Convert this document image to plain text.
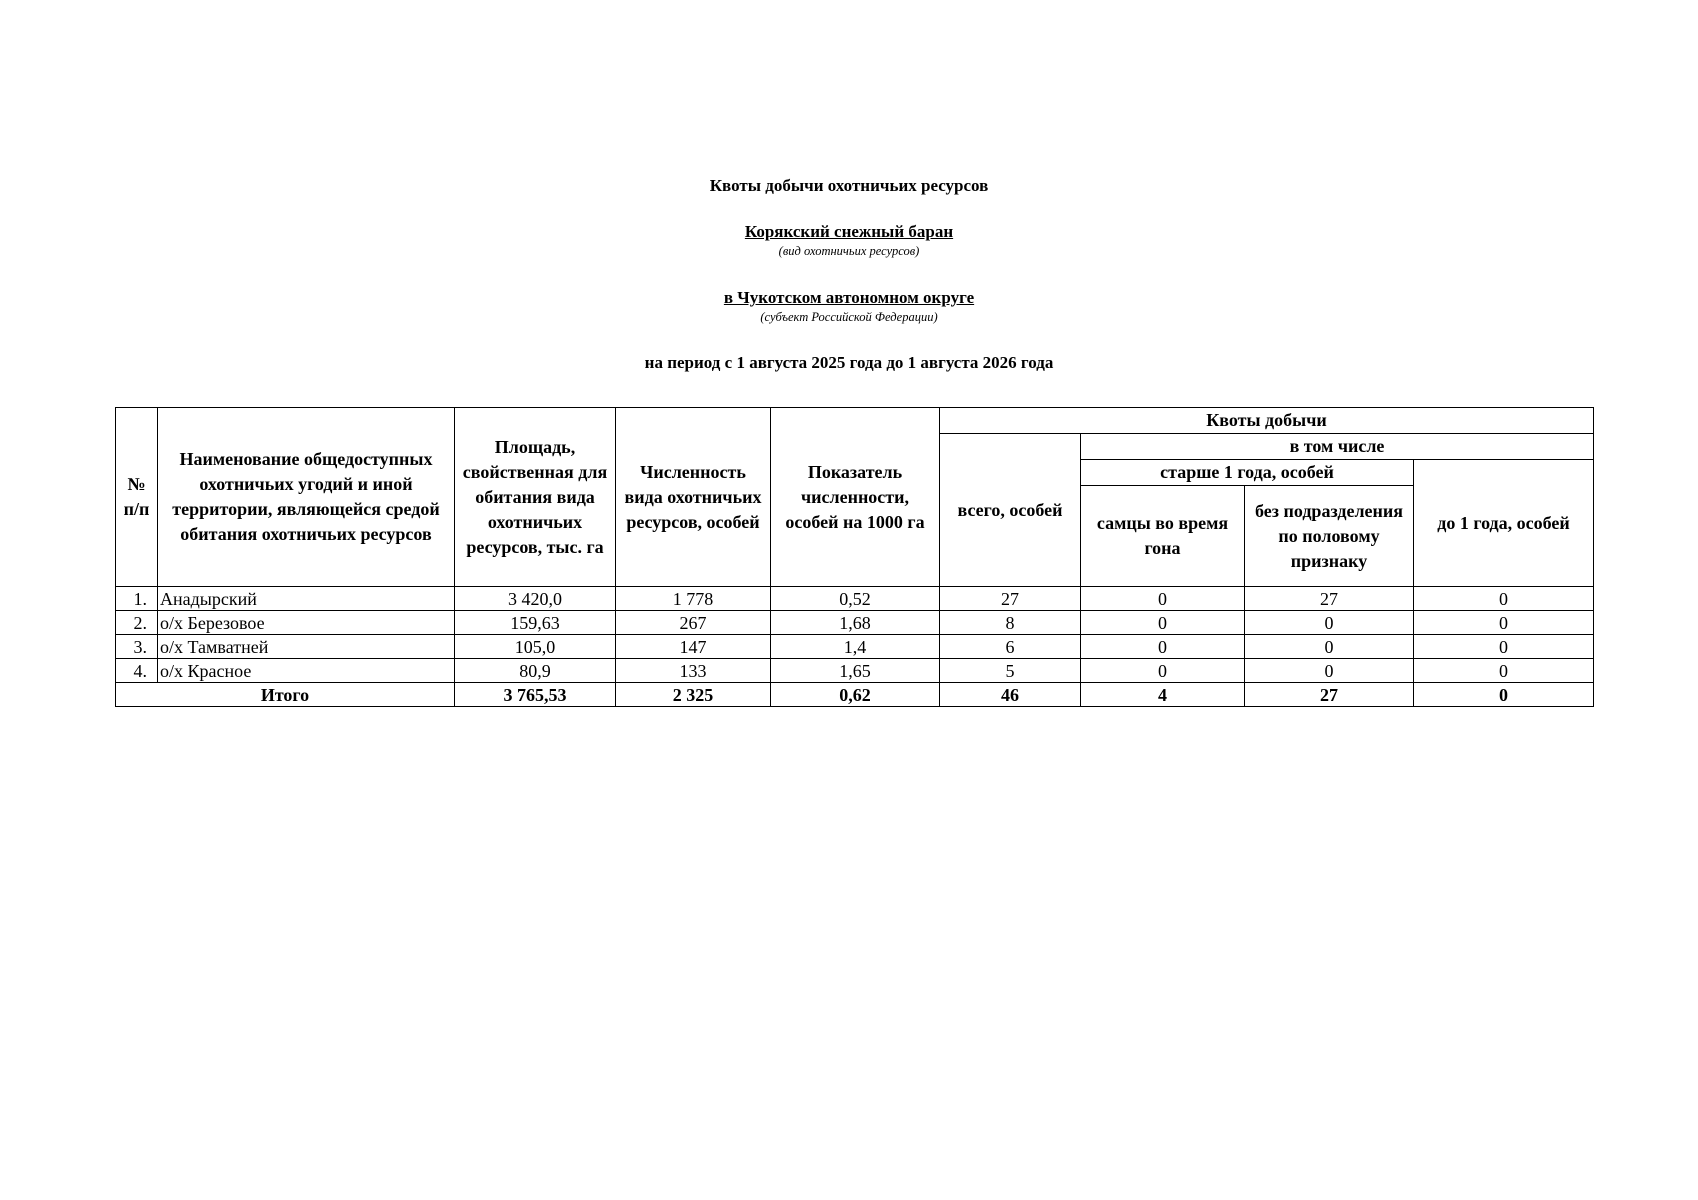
Квоты добычи охотничьих ресурсов
Корякский снежный баран
(вид охотничьих ресурсов)
в Чукотском автономном округе
(субъект Российской Федерации)
на период с 1 августа 2025 года до 1 августа 2026 года
№ п/п	Наименование общедоступных охотничьих угодий и иной территории, являющейся средой обитания охотничьих ресурсов	Площадь, свойственная для обитания вида охотничьих ресурсов, тыс. га	Численность вида охотничьих ресурсов, особей	Показатель численности, особей на 1000 га	Квоты добычи			
					всего, особей	в том числе		
						старше 1 года, особей		до 1 года, особей
						самцы во время гона	без подразделения по половому признаку	
1.	Анадырский	3 420,0	1 778	0,52	27	0	27	0
2.	о/х Березовое	159,63	267	1,68	8	0	0	0
3.	о/х Тамватней	105,0	147	1,4	6	0	0	0
4.	о/х Красное	80,9	133	1,65	5	0	0	0
Итого		3 765,53	2 325	0,62	46	4	27	0
